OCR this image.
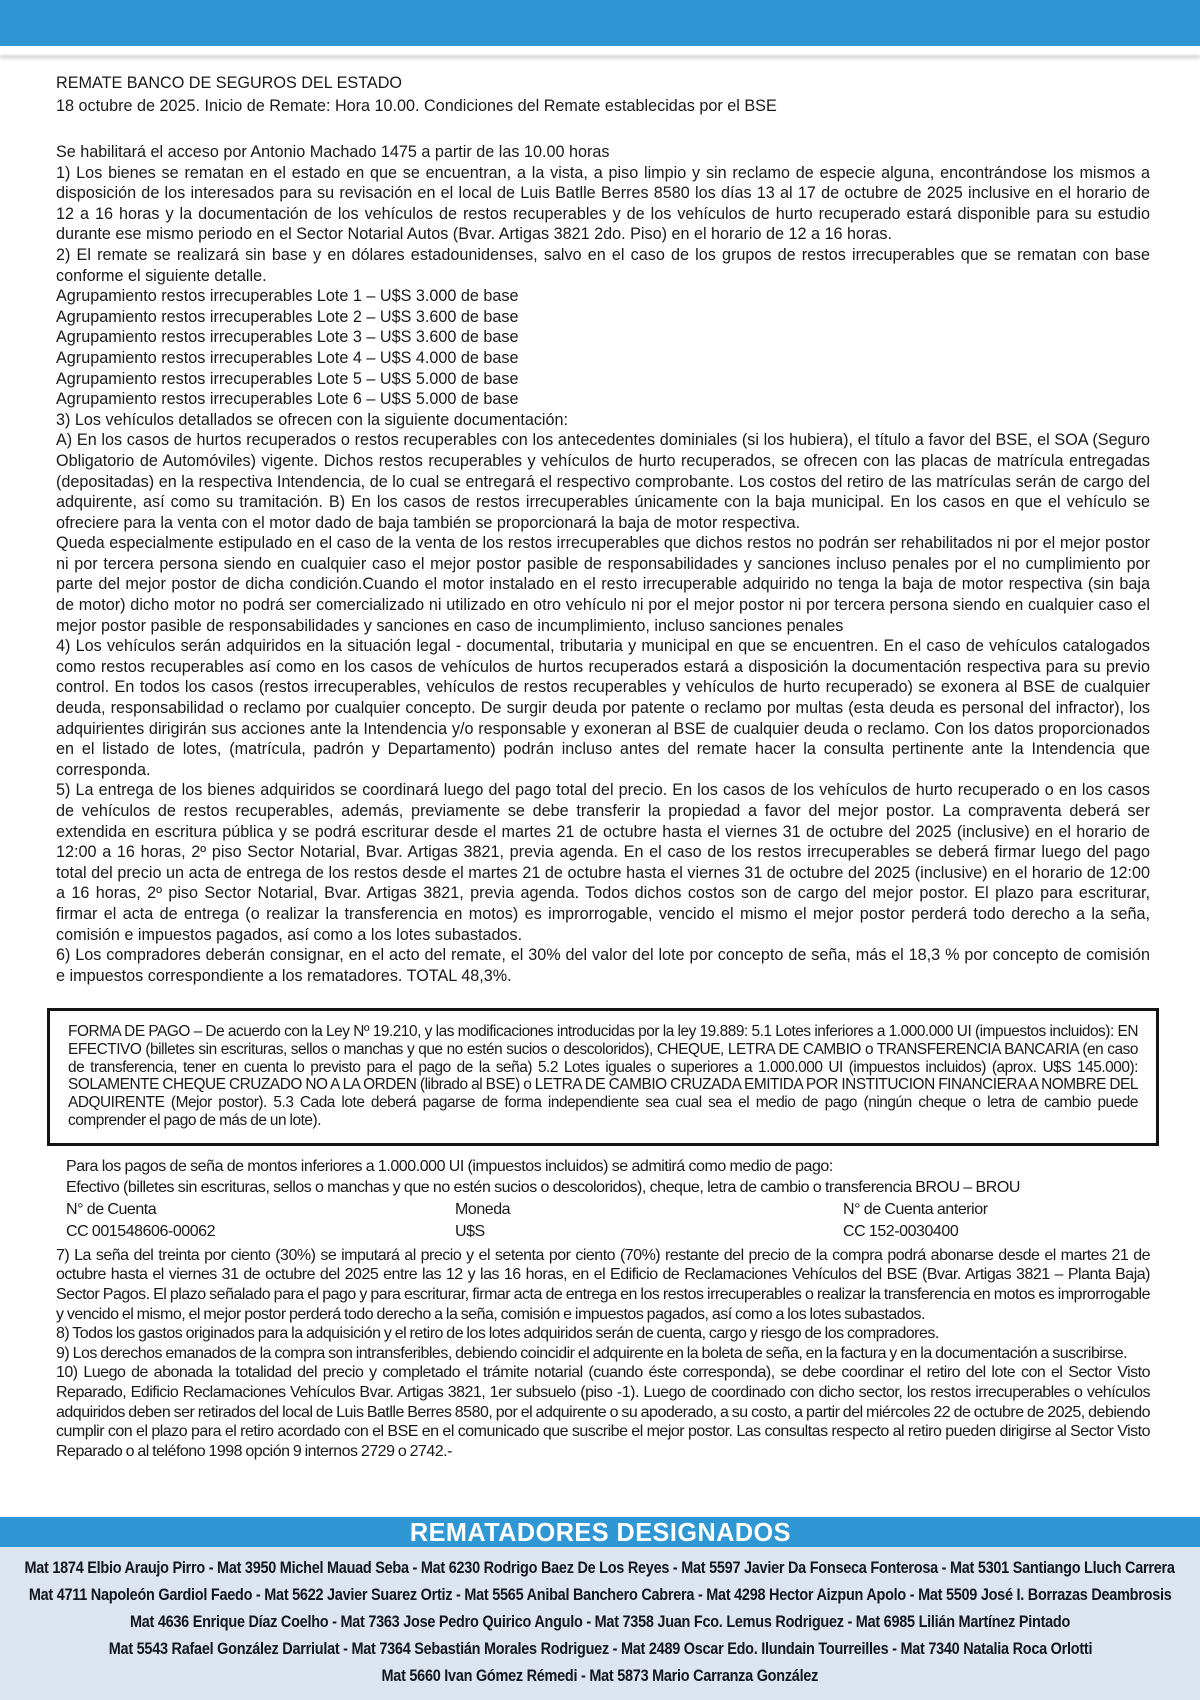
REMATE BANCO DE SEGUROS DEL ESTADO

18 octubre de 2025. Inicio de Remate: Hora 10.00. Condiciones del Remate establecidas por el BSE

Se habilitará el acceso por Antonio Machado 1475 a partir de las 10.00 horas

1) Los bienes se rematan en el estado en que se encuentran, a la vista, a piso limpio y sin reclamo de especie alguna, encontrándose los mismos a disposición de los interesados para su revisación en el local de Luis Batlle Berres 8580 los días 13 al 17 de octubre de 2025 inclusive en el horario de 12 a 16 horas y la documentación de los vehículos de restos recuperables y de los vehículos de hurto recuperado estará disponible para su estudio durante ese mismo periodo en el Sector Notarial Autos (Bvar. Artigas 3821 2do. Piso) en el horario de 12 a 16 horas.

2) El remate se realizará sin base y en dólares estadounidenses, salvo en el caso de los grupos de restos irrecuperables que se rematan con base conforme el siguiente detalle.

Agrupamiento restos irrecuperables Lote 1 – U$S 3.000 de base

Agrupamiento restos irrecuperables Lote 2 – U$S 3.600 de base

Agrupamiento restos irrecuperables Lote 3 – U$S 3.600 de base

Agrupamiento restos irrecuperables Lote 4 – U$S 4.000 de base

Agrupamiento restos irrecuperables Lote 5 – U$S 5.000 de base

Agrupamiento restos irrecuperables Lote 6 – U$S 5.000 de base

3) Los vehículos detallados se ofrecen con la siguiente documentación:

A) En los casos de hurtos recuperados o restos recuperables con los antecedentes dominiales (si los hubiera), el título a favor del BSE, el SOA (Seguro Obligatorio de Automóviles) vigente. Dichos restos recuperables y vehículos de hurto recuperados, se ofrecen con las placas de matrícula entregadas (depositadas) en la respectiva Intendencia, de lo cual se entregará el respectivo comprobante. Los costos del retiro de las matrículas serán de cargo del adquirente, así como su tramitación. B) En los casos de restos irrecuperables únicamente con la baja municipal. En los casos en que el vehículo se ofreciere para la venta con el motor dado de baja también se proporcionará la baja de motor respectiva.

Queda especialmente estipulado en el caso de la venta de los restos irrecuperables que dichos restos no podrán ser rehabilitados ni por el mejor postor ni por tercera persona siendo en cualquier caso el mejor postor pasible de responsabilidades y sanciones incluso penales por el no cumplimiento por parte del mejor postor de dicha condición.Cuando el motor instalado en el resto irrecuperable adquirido no tenga la baja de motor respectiva (sin baja de motor) dicho motor no podrá ser comercializado ni utilizado en otro vehículo ni por el mejor postor ni por tercera persona siendo en cualquier caso el mejor postor pasible de responsabilidades y sanciones en caso de incumplimiento, incluso sanciones penales

4) Los vehículos serán adquiridos en la situación legal - documental, tributaria y municipal en que se encuentren. En el caso de vehículos catalogados como restos recuperables así como en los casos de vehículos de hurtos recuperados estará a disposición la documentación respectiva para su previo control. En todos los casos (restos irrecuperables, vehículos de restos recuperables y vehículos de hurto recuperado) se exonera al BSE de cualquier deuda, responsabilidad o reclamo por cualquier concepto. De surgir deuda por patente o reclamo por multas (esta deuda es personal del infractor), los adquirientes dirigirán sus acciones ante la Intendencia y/o responsable y exoneran al BSE de cualquier deuda o reclamo. Con los datos proporcionados en el listado de lotes, (matrícula, padrón y Departamento) podrán incluso antes del remate hacer la consulta pertinente ante la Intendencia que corresponda.

5) La entrega de los bienes adquiridos se coordinará luego del pago total del precio. En los casos de los vehículos de hurto recuperado o en los casos de vehículos de restos recuperables, además, previamente se debe transferir la propiedad a favor del mejor postor. La compraventa deberá ser extendida en escritura pública y se podrá escriturar desde el martes 21 de octubre hasta el viernes 31 de octubre del 2025 (inclusive) en el horario de 12:00 a 16 horas, 2º piso Sector Notarial, Bvar. Artigas 3821, previa agenda. En el caso de los restos irrecuperables se deberá firmar luego del pago total del precio un acta de entrega de los restos desde el martes 21 de octubre hasta el viernes 31 de octubre del 2025 (inclusive) en el horario de 12:00 a 16 horas, 2º piso Sector Notarial, Bvar. Artigas 3821, previa agenda. Todos dichos costos son de cargo del mejor postor. El plazo para escriturar, firmar el acta de entrega (o realizar la transferencia en motos) es improrrogable, vencido el mismo el mejor postor perderá todo derecho a la seña, comisión e impuestos pagados, así como a los lotes subastados.

6) Los compradores deberán consignar, en el acto del remate, el 30% del valor del lote por concepto de seña, más el 18,3 % por concepto de comisión e impuestos correspondiente a los rematadores. TOTAL 48,3%.

FORMA DE PAGO – De acuerdo con la Ley Nº 19.210, y las modificaciones introducidas por la ley 19.889: 5.1 Lotes inferiores a 1.000.000 UI (impuestos incluidos): EN EFECTIVO (billetes sin escrituras, sellos o manchas y que no estén sucios o descoloridos), CHEQUE, LETRA DE CAMBIO o TRANSFERENCIA BANCARIA (en caso de transferencia, tener en cuenta lo previsto para el pago de la seña) 5.2 Lotes iguales o superiores a 1.000.000 UI (impuestos incluidos) (aprox. U$S 145.000): SOLAMENTE CHEQUE CRUZADO NO A LA ORDEN (librado al BSE) o LETRA DE CAMBIO CRUZADA EMITIDA POR INSTITUCION FINANCIERA A NOMBRE DEL ADQUIRENTE (Mejor postor). 5.3 Cada lote deberá pagarse de forma independiente sea cual sea el medio de pago (ningún cheque o letra de cambio puede comprender el pago de más de un lote).

Para los pagos de seña de montos inferiores a 1.000.000 UI (impuestos incluidos) se admitirá como medio de pago:

Efectivo (billetes sin escrituras, sellos o manchas y que no estén sucios o descoloridos), cheque, letra de cambio o transferencia BROU – BROU

N° de Cuenta	Moneda	N° de Cuenta anterior
CC 001548606-00062	U$S	CC 152-0030400

7) La seña del treinta por ciento (30%) se imputará al precio y el setenta por ciento (70%) restante del precio de la compra podrá abonarse desde el martes 21 de octubre hasta el viernes 31 de octubre del 2025 entre las 12 y las 16 horas, en el Edificio de Reclamaciones Vehículos del BSE (Bvar. Artigas 3821 – Planta Baja) Sector Pagos. El plazo señalado para el pago y para escriturar, firmar acta de entrega en los restos irrecuperables o realizar la transferencia en motos es improrrogable y vencido el mismo, el mejor postor perderá todo derecho a la seña, comisión e impuestos pagados, así como a los lotes subastados.

8) Todos los gastos originados para la adquisición y el retiro de los lotes adquiridos serán de cuenta, cargo y riesgo de los compradores.

9) Los derechos emanados de la compra son intransferibles, debiendo coincidir el adquirente en la boleta de seña, en la factura y en la documentación a suscribirse.

10) Luego de abonada la totalidad del precio y completado el trámite notarial (cuando éste corresponda), se debe coordinar el retiro del lote con el Sector Visto Reparado, Edificio Reclamaciones Vehículos Bvar. Artigas 3821, 1er subsuelo (piso -1). Luego de coordinado con dicho sector, los restos irrecuperables o vehículos adquiridos deben ser retirados del local de Luis Batlle Berres 8580, por el adquirente o su apoderado, a su costo, a partir del miércoles 22 de octubre de 2025, debiendo cumplir con el plazo para el retiro acordado con el BSE en el comunicado que suscribe el mejor postor. Las consultas respecto al retiro pueden dirigirse al Sector Visto Reparado o al teléfono 1998 opción 9 internos 2729 o 2742.-

REMATADORES DESIGNADOS
Mat 1874 Elbio Araujo Pirro - Mat 3950 Michel Mauad Seba - Mat 6230 Rodrigo Baez De Los Reyes - Mat 5597 Javier Da Fonseca Fonterosa - Mat 5301 Santiango Lluch Carrera
Mat 4711 Napoleón Gardiol Faedo - Mat 5622 Javier Suarez Ortiz - Mat 5565 Anibal Banchero Cabrera - Mat 4298 Hector Aizpun Apolo - Mat 5509 José I. Borrazas Deambrosis
Mat 4636 Enrique Díaz Coelho - Mat 7363 Jose Pedro Quirico Angulo - Mat 7358 Juan Fco. Lemus Rodriguez - Mat 6985 Lilián Martínez Pintado
Mat 5543 Rafael González Darriulat - Mat 7364 Sebastián Morales Rodriguez - Mat 2489 Oscar Edo. Ilundain Tourreilles - Mat 7340 Natalia Roca Orlotti
Mat 5660 Ivan Gómez Rémedi - Mat 5873 Mario Carranza González
